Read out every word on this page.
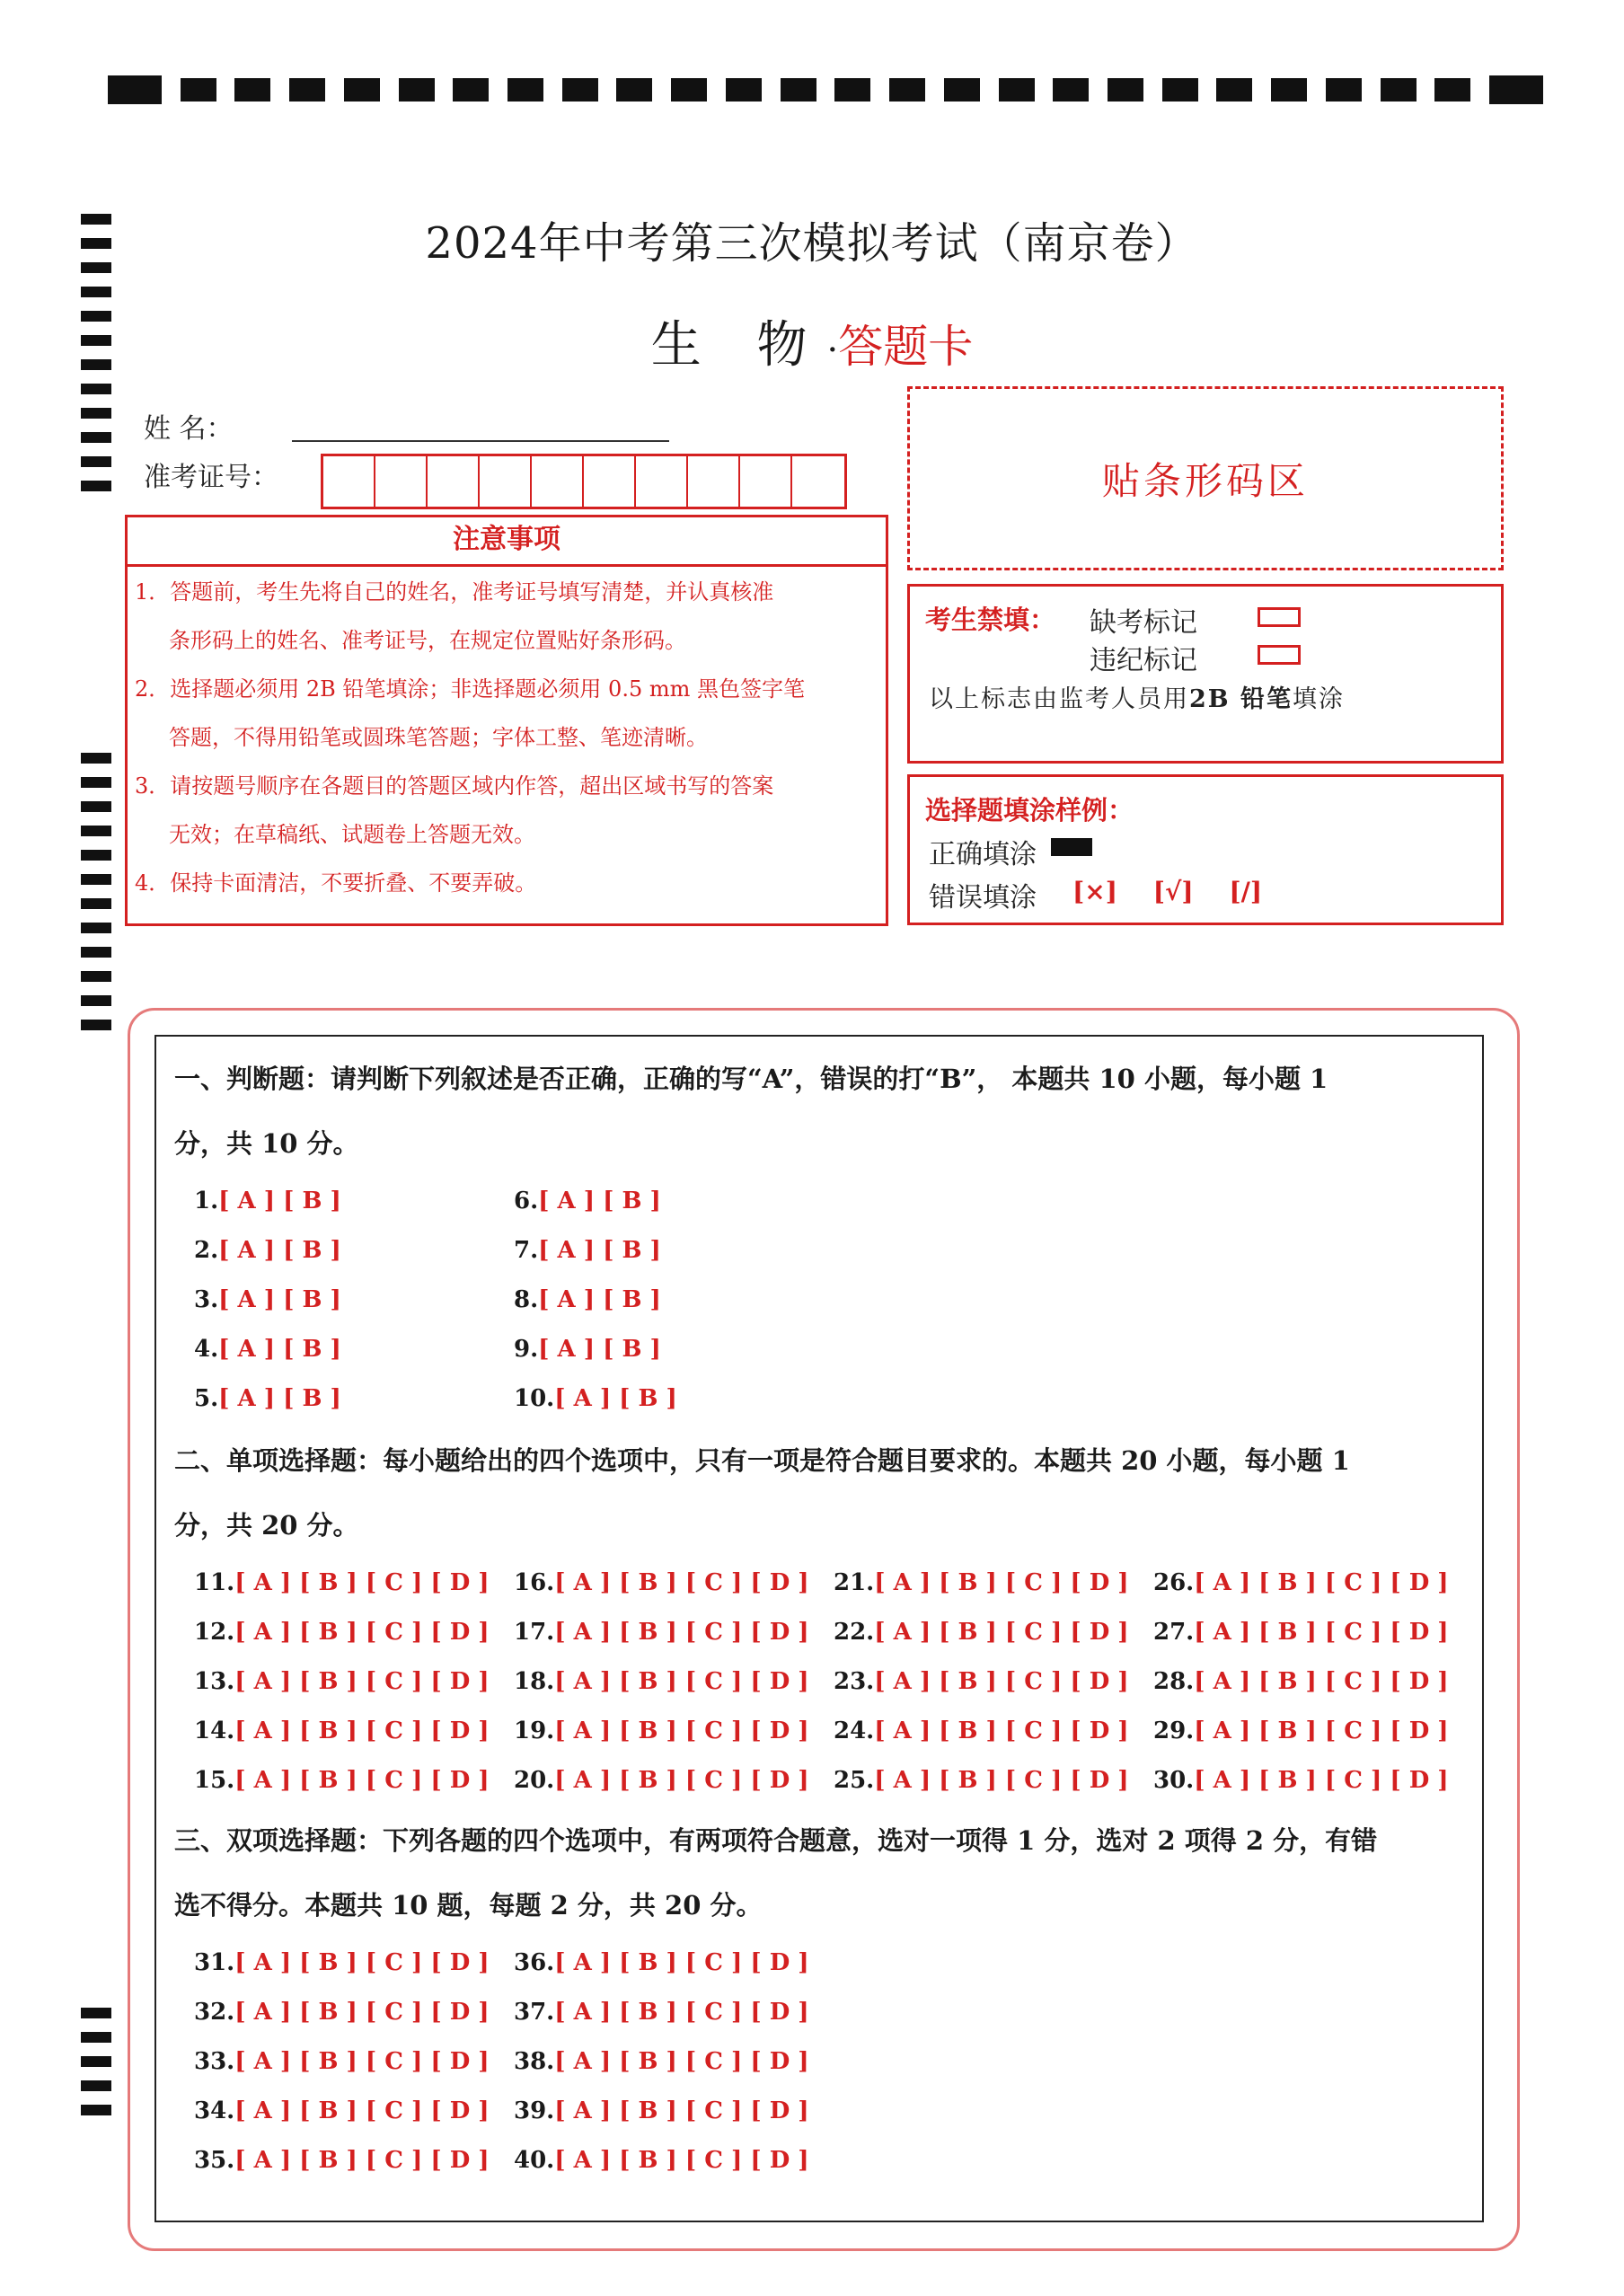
2024年中考第三次模拟考试（南京卷）
生 物·答题卡
姓 名：
准考证号：
注意事项
1．答题前，考生先将自己的姓名，准考证号填写清楚，并认真核准
条形码上的姓名、准考证号，在规定位置贴好条形码。
2．选择题必须用 2B 铅笔填涂；非选择题必须用 0.5 mm 黑色签字笔
答题，不得用铅笔或圆珠笔答题；字体工整、笔迹清晰。
3．请按题号顺序在各题目的答题区域内作答，超出区域书写的答案
无效；在草稿纸、试题卷上答题无效。
4．保持卡面清洁，不要折叠、不要弄破。
贴条形码区
考生禁填： 缺考标记
违纪标记
以上标志由监考人员用2B 铅笔填涂
选择题填涂样例：
正确填涂
错误填涂 [×] [√] [/]
一、判断题：请判断下列叙述是否正确，正确的写“A”，错误的打“B”， 本题共 10 小题，每小题 1
分，共 10 分。
二、单项选择题：每小题给出的四个选项中，只有一项是符合题目要求的。本题共 20 小题，每小题 1
分，共 20 分。
三、双项选择题：下列各题的四个选项中，有两项符合题意，选对一项得 1 分，选对 2 项得 2 分，有错
选不得分。本题共 10 题，每题 2 分，共 20 分。
1.[ A ] [ B ]
2.[ A ] [ B ]
3.[ A ] [ B ]
4.[ A ] [ B ]
5.[ A ] [ B ]
6.[ A ] [ B ]
7.[ A ] [ B ]
8.[ A ] [ B ]
9.[ A ] [ B ]
10.[ A ] [ B ]
11.[ A ] [ B ] [ C ] [ D ]
12.[ A ] [ B ] [ C ] [ D ]
13.[ A ] [ B ] [ C ] [ D ]
14.[ A ] [ B ] [ C ] [ D ]
15.[ A ] [ B ] [ C ] [ D ]
16.[ A ] [ B ] [ C ] [ D ]
17.[ A ] [ B ] [ C ] [ D ]
18.[ A ] [ B ] [ C ] [ D ]
19.[ A ] [ B ] [ C ] [ D ]
20.[ A ] [ B ] [ C ] [ D ]
21.[ A ] [ B ] [ C ] [ D ]
22.[ A ] [ B ] [ C ] [ D ]
23.[ A ] [ B ] [ C ] [ D ]
24.[ A ] [ B ] [ C ] [ D ]
25.[ A ] [ B ] [ C ] [ D ]
26.[ A ] [ B ] [ C ] [ D ]
27.[ A ] [ B ] [ C ] [ D ]
28.[ A ] [ B ] [ C ] [ D ]
29.[ A ] [ B ] [ C ] [ D ]
30.[ A ] [ B ] [ C ] [ D ]
31.[ A ] [ B ] [ C ] [ D ]
32.[ A ] [ B ] [ C ] [ D ]
33.[ A ] [ B ] [ C ] [ D ]
34.[ A ] [ B ] [ C ] [ D ]
35.[ A ] [ B ] [ C ] [ D ]
36.[ A ] [ B ] [ C ] [ D ]
37.[ A ] [ B ] [ C ] [ D ]
38.[ A ] [ B ] [ C ] [ D ]
39.[ A ] [ B ] [ C ] [ D ]
40.[ A ] [ B ] [ C ] [ D ]
